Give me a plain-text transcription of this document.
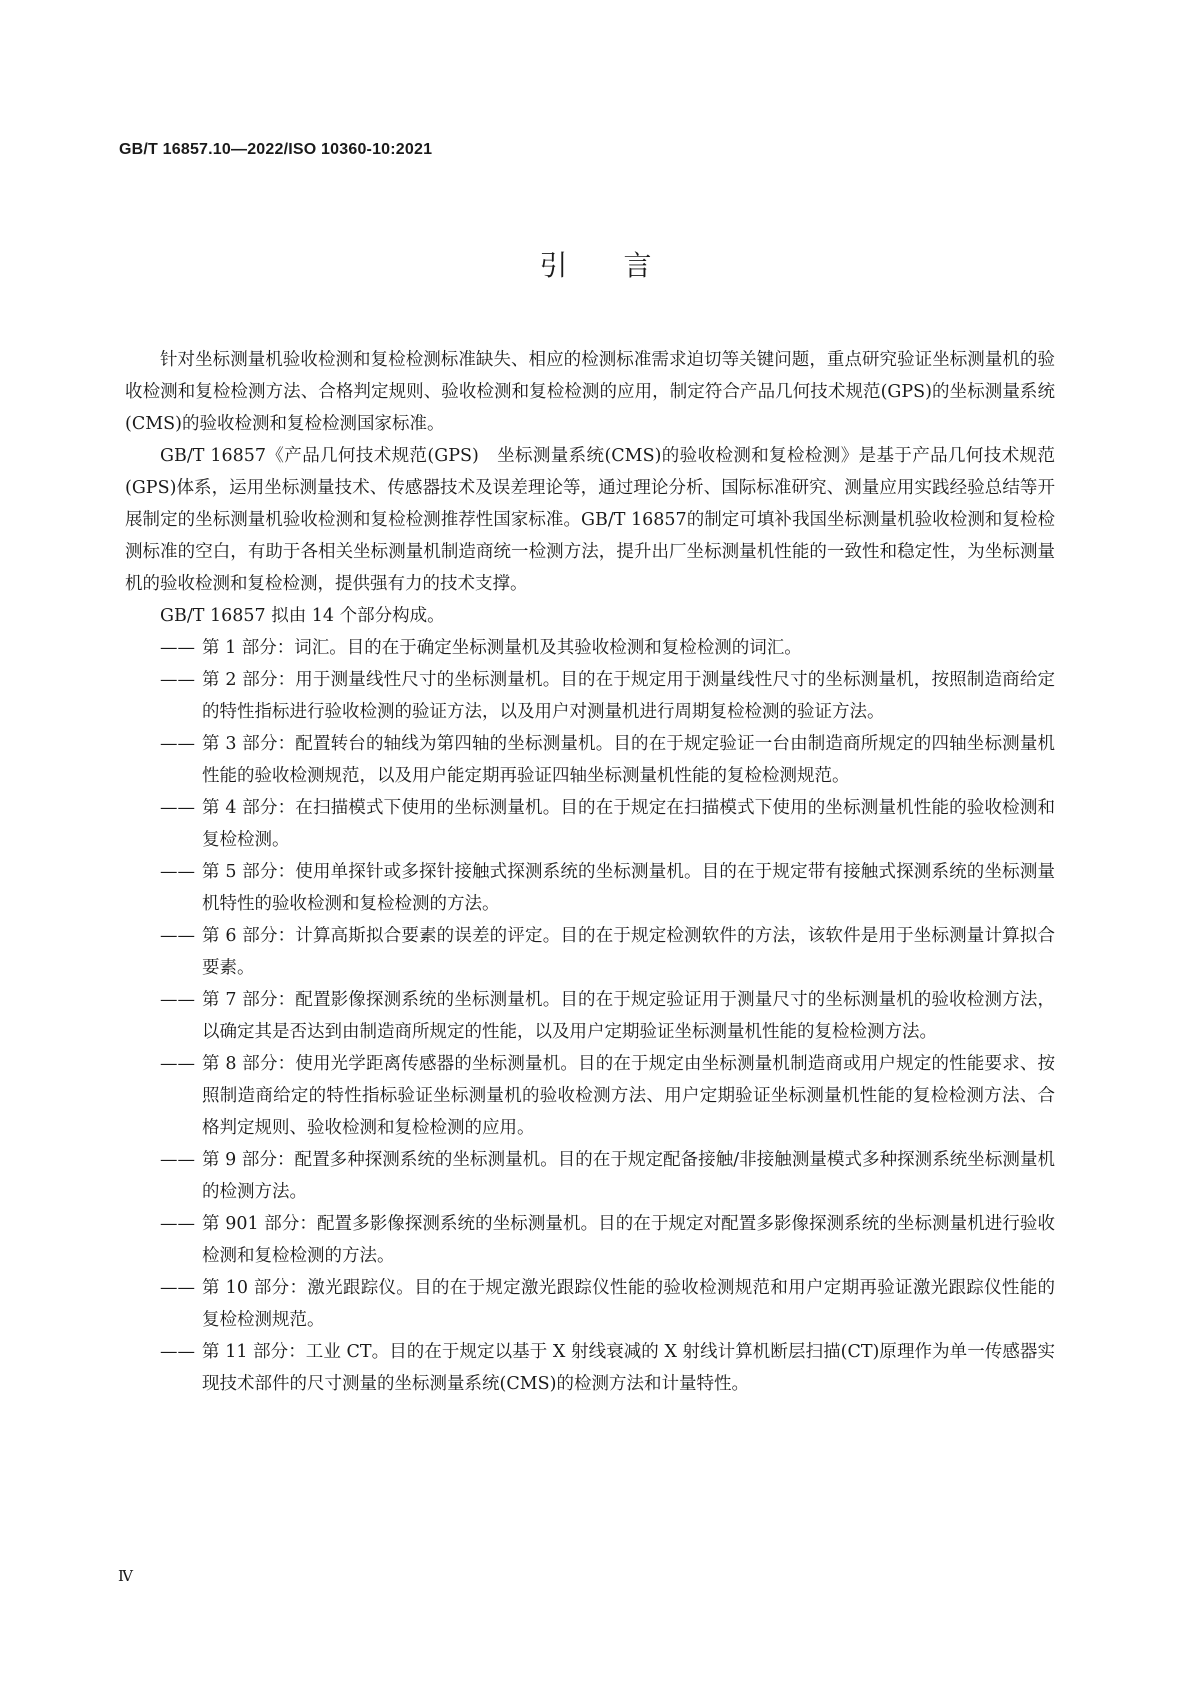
GB/T 16857.10—2022/ISO 10360-10:2021
引言

针对坐标测量机验收检测和复检检测标准缺失、相应的检测标准需求迫切等关键问题，重点研究验证坐标测量机的验收检测和复检检测方法、合格判定规则、验收检测和复检检测的应用，制定符合产品几何技术规范(GPS)的坐标测量系统(CMS)的验收检测和复检检测国家标准。

GB/T 16857《产品几何技术规范(GPS)　坐标测量系统(CMS)的验收检测和复检检测》是基于产品几何技术规范(GPS)体系，运用坐标测量技术、传感器技术及误差理论等，通过理论分析、国际标准研究、测量应用实践经验总结等开展制定的坐标测量机验收检测和复检检测推荐性国家标准。GB/T 16857的制定可填补我国坐标测量机验收检测和复检检测标准的空白，有助于各相关坐标测量机制造商统一检测方法，提升出厂坐标测量机性能的一致性和稳定性，为坐标测量机的验收检测和复检检测，提供强有力的技术支撑。

GB/T 16857 拟由 14 个部分构成。

—— 第 1 部分：词汇。目的在于确定坐标测量机及其验收检测和复检检测的词汇。
—— 第 2 部分：用于测量线性尺寸的坐标测量机。目的在于规定用于测量线性尺寸的坐标测量机，按照制造商给定的特性指标进行验收检测的验证方法，以及用户对测量机进行周期复检检测的验证方法。
—— 第 3 部分：配置转台的轴线为第四轴的坐标测量机。目的在于规定验证一台由制造商所规定的四轴坐标测量机性能的验收检测规范，以及用户能定期再验证四轴坐标测量机性能的复检检测规范。
—— 第 4 部分：在扫描模式下使用的坐标测量机。目的在于规定在扫描模式下使用的坐标测量机性能的验收检测和复检检测。
—— 第 5 部分：使用单探针或多探针接触式探测系统的坐标测量机。目的在于规定带有接触式探测系统的坐标测量机特性的验收检测和复检检测的方法。
—— 第 6 部分：计算高斯拟合要素的误差的评定。目的在于规定检测软件的方法，该软件是用于坐标测量计算拟合要素。
—— 第 7 部分：配置影像探测系统的坐标测量机。目的在于规定验证用于测量尺寸的坐标测量机的验收检测方法，以确定其是否达到由制造商所规定的性能，以及用户定期验证坐标测量机性能的复检检测方法。
—— 第 8 部分：使用光学距离传感器的坐标测量机。目的在于规定由坐标测量机制造商或用户规定的性能要求、按照制造商给定的特性指标验证坐标测量机的验收检测方法、用户定期验证坐标测量机性能的复检检测方法、合格判定规则、验收检测和复检检测的应用。
—— 第 9 部分：配置多种探测系统的坐标测量机。目的在于规定配备接触/非接触测量模式多种探测系统坐标测量机的检测方法。
—— 第 901 部分：配置多影像探测系统的坐标测量机。目的在于规定对配置多影像探测系统的坐标测量机进行验收检测和复检检测的方法。
—— 第 10 部分：激光跟踪仪。目的在于规定激光跟踪仪性能的验收检测规范和用户定期再验证激光跟踪仪性能的复检检测规范。
—— 第 11 部分：工业 CT。目的在于规定以基于 X 射线衰减的 X 射线计算机断层扫描(CT)原理作为单一传感器实现技术部件的尺寸测量的坐标测量系统(CMS)的检测方法和计量特性。
Ⅳ
